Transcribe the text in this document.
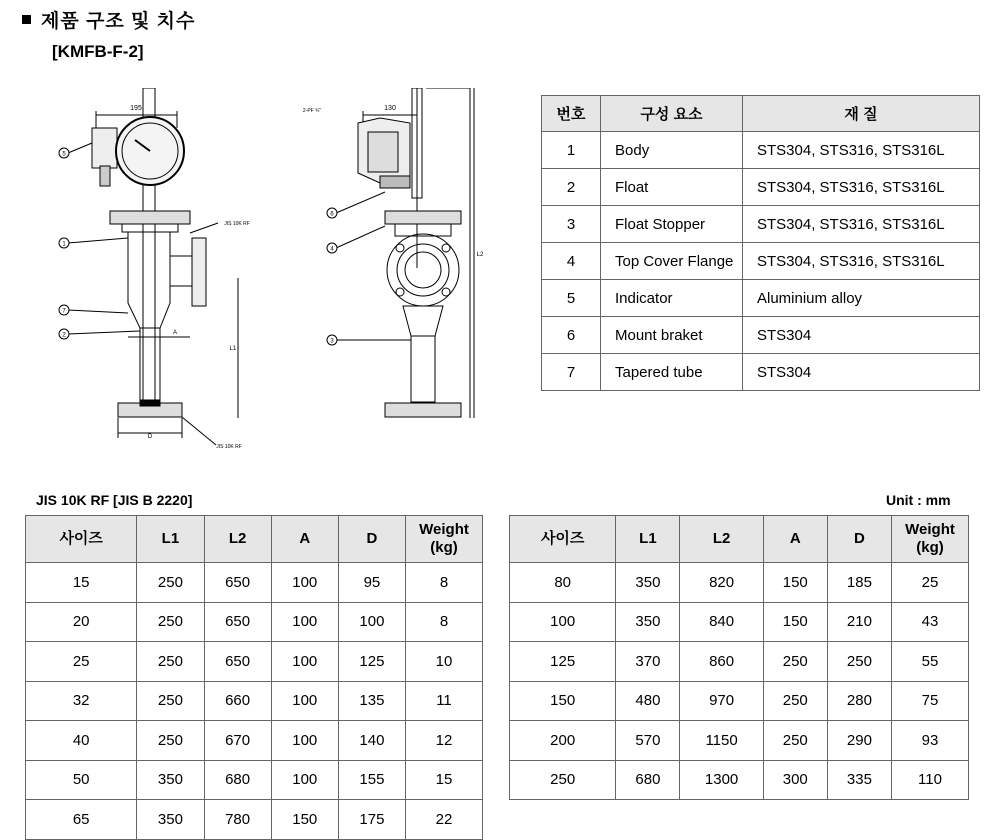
제품 구조 및 치수
[KMFB-F-2]
195	130
2-PF ¾"
JIS 10K RF
JIS 10K RF
A
D
L1
L2
5
1
7
2
6
4
3
번호	구성 요소	재 질
1	Body	STS304, STS316, STS316L
2	Float	STS304, STS316, STS316L
3	Float Stopper	STS304, STS316, STS316L
4	Top Cover Flange	STS304, STS316, STS316L
5	Indicator	Aluminium alloy
6	Mount braket	STS304
7	Tapered tube	STS304
JIS 10K RF [JIS B 2220]	Unit : mm
사이즈	L1	L2	A	D	Weight (kg)
15	250	650	100	95	8
20	250	650	100	100	8
25	250	650	100	125	10
32	250	660	100	135	11
40	250	670	100	140	12
50	350	680	100	155	15
65	350	780	150	175	22
사이즈	L1	L2	A	D	Weight (kg)
80	350	820	150	185	25
100	350	840	150	210	43
125	370	860	250	250	55
150	480	970	250	280	75
200	570	1150	250	290	93
250	680	1300	300	335	110
